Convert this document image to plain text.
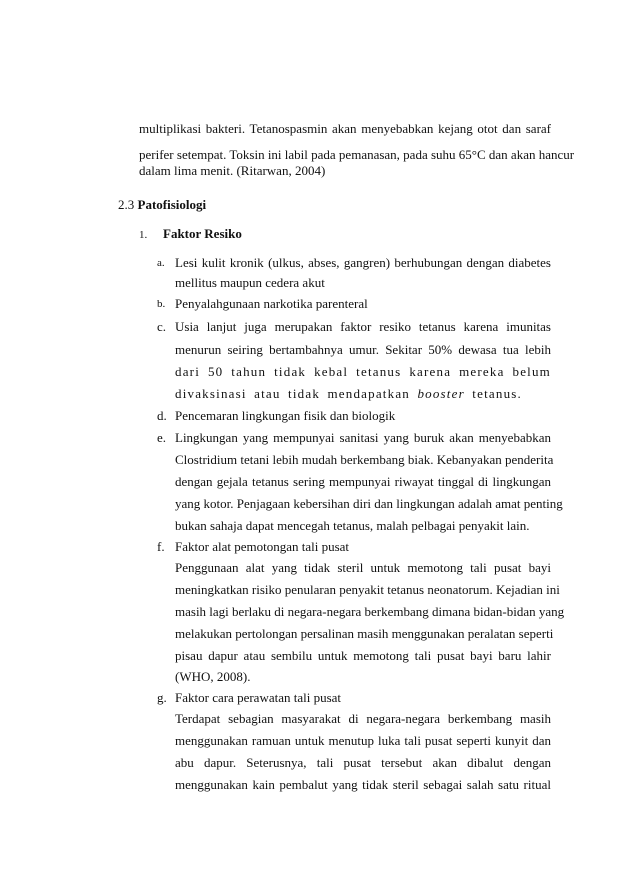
multiplikasi bakteri. Tetanospasmin akan menyebabkan kejang otot dan saraf
perifer setempat. Toksin ini labil pada pemanasan, pada suhu 65°C dan akan hancur
dalam lima menit. (Ritarwan, 2004)
2.3 Patofisiologi
1. Faktor Resiko
a. Lesi kulit kronik (ulkus, abses, gangren) berhubungan dengan diabetes
mellitus maupun cedera akut
b. Penyalahgunaan narkotika parenteral
c. Usia lanjut juga merupakan faktor resiko tetanus karena imunitas
menurun seiring bertambahnya umur. Sekitar 50% dewasa tua lebih
dari 50 tahun tidak kebal tetanus karena mereka belum
divaksinasi atau tidak mendapatkan booster tetanus.
d. Pencemaran lingkungan fisik dan biologik
e. Lingkungan yang mempunyai sanitasi yang buruk akan menyebabkan
Clostridium tetani lebih mudah berkembang biak. Kebanyakan penderita
dengan gejala tetanus sering mempunyai riwayat tinggal di lingkungan
yang kotor. Penjagaan kebersihan diri dan lingkungan adalah amat penting
bukan sahaja dapat mencegah tetanus, malah pelbagai penyakit lain.
f. Faktor alat pemotongan tali pusat
Penggunaan alat yang tidak steril untuk memotong tali pusat bayi
meningkatkan risiko penularan penyakit tetanus neonatorum. Kejadian ini
masih lagi berlaku di negara-negara berkembang dimana bidan-bidan yang
melakukan pertolongan persalinan masih menggunakan peralatan seperti
pisau dapur atau sembilu untuk memotong tali pusat bayi baru lahir
(WHO, 2008).
g. Faktor cara perawatan tali pusat
Terdapat sebagian masyarakat di negara-negara berkembang masih
menggunakan ramuan untuk menutup luka tali pusat seperti kunyit dan
abu dapur. Seterusnya, tali pusat tersebut akan dibalut dengan
menggunakan kain pembalut yang tidak steril sebagai salah satu ritual
